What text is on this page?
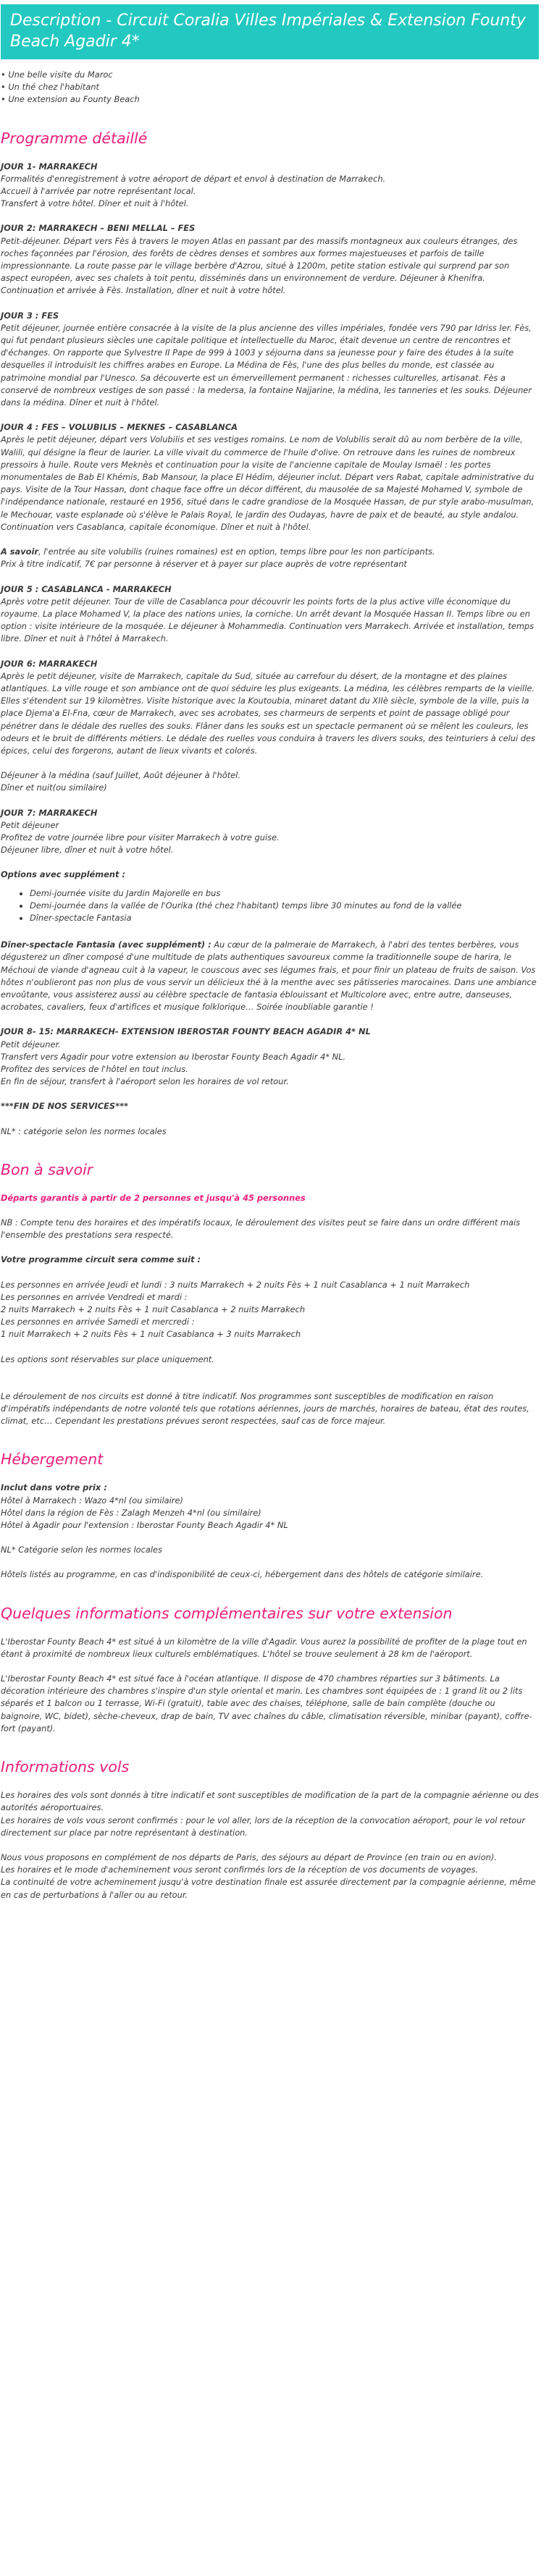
Description - Circuit Coralia Villes Impériales & Extension Founty Beach Agadir 4*

• Une belle visite du Maroc

• Un thé chez l'habitant

• Une extension au Founty Beach

Programme détaillé

JOUR 1- MARRAKECH

Formalités d'enregistrement à votre aéroport de départ et envol à destination de Marrakech.

Accueil à l'arrivée par notre représentant local.

Transfert à votre hôtel. Dîner et nuit à l'hôtel.

JOUR 2: MARRAKECH – BENI MELLAL – FES

Petit-déjeuner. Départ vers Fès à travers le moyen Atlas en passant par des massifs montagneux aux couleurs étranges, des roches façonnées par l'érosion, des forêts de cèdres denses et sombres aux formes majestueuses et parfois de taille impressionnante. La route passe par le village berbère d'Azrou, situé à 1200m, petite station estivale qui surprend par son aspect européen, avec ses chalets à toit pentu, disséminés dans un environnement de verdure. Déjeuner à Khenifra. Continuation et arrivée à Fès. Installation, dîner et nuit à votre hôtel.

JOUR 3 : FES

Petit déjeuner, journée entière consacrée à la visite de la plus ancienne des villes impériales, fondée vers 790 par Idriss Ier. Fès, qui fut pendant plusieurs siècles une capitale politique et intellectuelle du Maroc, était devenue un centre de rencontres et d'échanges. On rapporte que Sylvestre II Pape de 999 à 1003 y séjourna dans sa jeunesse pour y faire des études à la suite desquelles il introduisit les chiffres arabes en Europe. La Médina de Fès, l'une des plus belles du monde, est classée au patrimoine mondial par l'Unesco. Sa découverte est un émerveillement permanent : richesses culturelles, artisanat. Fès a conservé de nombreux vestiges de son passé : la medersa, la fontaine Najjarine, la médina, les tanneries et les souks. Déjeuner dans la médina. Dîner et nuit à l'hôtel.

JOUR 4 : FES – VOLUBILIS – MEKNES – CASABLANCA

Après le petit déjeuner, départ vers Volubilis et ses vestiges romains. Le nom de Volubilis serait dû au nom berbère de la ville, Walili, qui désigne la fleur de laurier. La ville vivait du commerce de l'huile d'olive. On retrouve dans les ruines de nombreux pressoirs à huile. Route vers Meknès et continuation pour la visite de l'ancienne capitale de Moulay Ismaël : les portes monumentales de Bab El Khémis, Bab Mansour, la place El Hédim, déjeuner inclut. Départ vers Rabat, capitale administrative du pays. Visite de la Tour Hassan, dont chaque face offre un décor différent, du mausolée de sa Majesté Mohamed V, symbole de l'indépendance nationale, restauré en 1956, situé dans le cadre grandiose de la Mosquée Hassan, de pur style arabo-musulman, le Mechouar, vaste esplanade où s'élève le Palais Royal, le jardin des Oudayas, havre de paix et de beauté, au style andalou. Continuation vers Casablanca, capitale économique. Dîner et nuit à l'hôtel.

A savoir, l'entrée au site volubilis (ruines romaines) est en option, temps libre pour les non participants.

Prix à titre indicatif, 7€ par personne à réserver et à payer sur place auprès de votre représentant

JOUR 5 : CASABLANCA - MARRAKECH

Après votre petit déjeuner. Tour de ville de Casablanca pour découvrir les points forts de la plus active ville économique du royaume. La place Mohamed V, la place des nations unies, la corniche. Un arrêt devant la Mosquée Hassan II. Temps libre ou en option : visite intérieure de la mosquée. Le déjeuner à Mohammedia. Continuation vers Marrakech. Arrivée et installation, temps libre. Dîner et nuit à l'hôtel à Marrakech.

JOUR 6: MARRAKECH

Après le petit déjeuner, visite de Marrakech, capitale du Sud, située au carrefour du désert, de la montagne et des plaines atlantiques. La ville rouge et son ambiance ont de quoi séduire les plus exigeants. La médina, les célèbres remparts de la vieille. Elles s'étendent sur 19 kilomètres. Visite historique avec la Koutoubia, minaret datant du XIIè siècle, symbole de la ville, puis la place Djema'a El-Fna, cœur de Marrakech, avec ses acrobates, ses charmeurs de serpents et point de passage obligé pour pénétrer dans le dédale des ruelles des souks. Flâner dans les souks est un spectacle permanent où se mêlent les couleurs, les odeurs et le bruit de différents métiers. Le dédale des ruelles vous conduira à travers les divers souks, des teinturiers à celui des épices, celui des forgerons, autant de lieux vivants et colorés.

Déjeuner à la médina (sauf Juillet, Août déjeuner à l'hôtel.

Dîner et nuit(ou similaire)

JOUR 7: MARRAKECH

Petit déjeuner

Profitez de votre journée libre pour visiter Marrakech à votre guise.

Déjeuner libre, dîner et nuit à votre hôtel.

Options avec supplément :

• Demi-journée visite du Jardin Majorelle en bus
• Demi-journée dans la vallée de l'Ourika (thé chez l'habitant) temps libre 30 minutes au fond de la vallée
• Dîner-spectacle Fantasia

Dîner-spectacle Fantasia (avec supplément) : Au cœur de la palmeraie de Marrakech, à l'abri des tentes berbères, vous dégusterez un dîner composé d'une multitude de plats authentiques savoureux comme la traditionnelle soupe de harira, le Méchoui de viande d'agneau cuit à la vapeur, le couscous avec ses légumes frais, et pour finir un plateau de fruits de saison. Vos hôtes n'oublieront pas non plus de vous servir un délicieux thé à la menthe avec ses pâtisseries marocaines. Dans une ambiance envoûtante, vous assisterez aussi au célèbre spectacle de fantasia éblouissant et Multicolore avec, entre autre, danseuses, acrobates, cavaliers, feux d'artifices et musique folklorique… Soirée inoubliable garantie !

JOUR 8- 15: MARRAKECH- EXTENSION IBEROSTAR FOUNTY BEACH AGADIR 4* NL

Petit déjeuner.

Transfert vers Agadir pour votre extension au Iberostar Founty Beach Agadir 4* NL.

Profitez des services de l'hôtel en tout inclus.

En fin de séjour, transfert à l'aéroport selon les horaires de vol retour.

***FIN DE NOS SERVICES***

NL* : catégorie selon les normes locales

Bon à savoir

Départs garantis à partir de 2 personnes et jusqu'à 45 personnes

NB : Compte tenu des horaires et des impératifs locaux, le déroulement des visites peut se faire dans un ordre différent mais l'ensemble des prestations sera respecté.

Votre programme circuit sera comme suit :

Les personnes en arrivée Jeudi et lundi : 3 nuits Marrakech + 2 nuits Fès + 1 nuit Casablanca + 1 nuit Marrakech

Les personnes en arrivée Vendredi et mardi :

2 nuits Marrakech + 2 nuits Fès + 1 nuit Casablanca + 2 nuits Marrakech

Les personnes en arrivée Samedi et mercredi :

1 nuit Marrakech + 2 nuits Fès + 1 nuit Casablanca + 3 nuits Marrakech

Les options sont réservables sur place uniquement.

Le déroulement de nos circuits est donné à titre indicatif. Nos programmes sont susceptibles de modification en raison d'impératifs indépendants de notre volonté tels que rotations aériennes, jours de marchés, horaires de bateau, état des routes, climat, etc… Cependant les prestations prévues seront respectées, sauf cas de force majeur.

Hébergement

Inclut dans votre prix :

Hôtel à Marrakech : Wazo 4*nl (ou similaire)

Hôtel dans la région de Fès : Zalagh Menzeh 4*nl (ou similaire)

Hôtel à Agadir pour l'extension : Iberostar Founty Beach Agadir 4* NL

NL* Catégorie selon les normes locales

Hôtels listés au programme, en cas d'indisponibilité de ceux-ci, hébergement dans des hôtels de catégorie similaire.

Quelques informations complémentaires sur votre extension

L'Iberostar Founty Beach 4* est situé à un kilomètre de la ville d'Agadir. Vous aurez la possibilité de profiter de la plage tout en étant à proximité de nombreux lieux culturels emblématiques. L'hôtel se trouve seulement à 28 km de l'aéroport.

L'Iberostar Founty Beach 4* est situé face à l'océan atlantique. Il dispose de 470 chambres réparties sur 3 bâtiments. La décoration intérieure des chambres s'inspire d'un style oriental et marin. Les chambres sont équipées de : 1 grand lit ou 2 lits séparés et 1 balcon ou 1 terrasse, Wi-Fi (gratuit), table avec des chaises, téléphone, salle de bain complète (douche ou baignoire, WC, bidet), sèche-cheveux, drap de bain, TV avec chaînes du câble, climatisation réversible, minibar (payant), coffre-fort (payant).

Informations vols

Les horaires des vols sont donnés à titre indicatif et sont susceptibles de modification de la part de la compagnie aérienne ou des autorités aéroportuaires.

Les horaires de vols vous seront confirmés : pour le vol aller, lors de la réception de la convocation aéroport, pour le vol retour directement sur place par notre représentant à destination.

Nous vous proposons en complément de nos départs de Paris, des séjours au départ de Province (en train ou en avion).

Les horaires et le mode d'acheminement vous seront confirmés lors de la réception de vos documents de voyages.

La continuité de votre acheminement jusqu'à votre destination finale est assurée directement par la compagnie aérienne, même en cas de perturbations à l'aller ou au retour.
